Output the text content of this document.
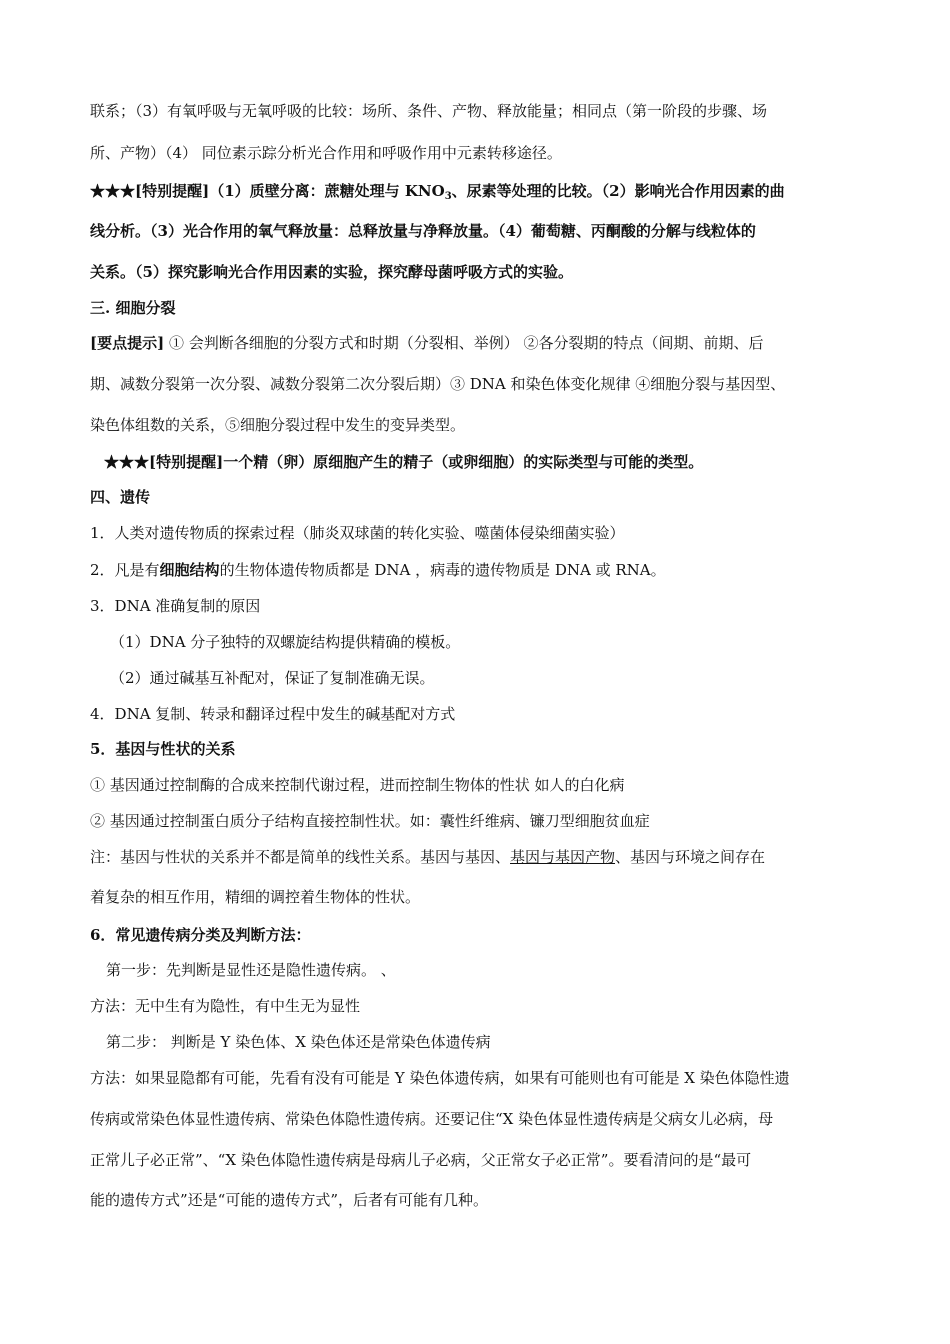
联系；（3）有氧呼吸与无氧呼吸的比较：场所、条件、产物、释放能量；相同点（第一阶段的步骤、场
所、产物）（4） 同位素示踪分析光合作用和呼吸作用中元素转移途径。
★★★[特别提醒]（1）质壁分离：蔗糖处理与 $KNO_3$、尿素等处理的比较。（2）影响光合作用因素的曲
线分析。（3）光合作用的氧气释放量：总释放量与净释放量。（4）葡萄糖、丙酮酸的分解与线粒体的
关系。（5）探究影响光合作用因素的实验，探究酵母菌呼吸方式的实验。
三. 细胞分裂
[要点提示] ① 会判断各细胞的分裂方式和时期（分裂相、举例） ②各分裂期的特点（间期、前期、后
期、减数分裂第一次分裂、减数分裂第二次分裂后期）③ DNA 和染色体变化规律 ④细胞分裂与基因型、
染色体组数的关系，⑤细胞分裂过程中发生的变异类型。
★★★[特别提醒]一个精（卵）原细胞产生的精子（或卵细胞）的实际类型与可能的类型。
四、遗传
1．人类对遗传物质的探索过程（肺炎双球菌的转化实验、噬菌体侵染细菌实验）
2．凡是有细胞结构的生物体遗传物质都是 DNA ，病毒的遗传物质是 DNA 或 RNA。
3．DNA 准确复制的原因
（1）DNA 分子独特的双螺旋结构提供精确的模板。
（2）通过碱基互补配对，保证了复制准确无误。
4．DNA 复制、转录和翻译过程中发生的碱基配对方式
5．基因与性状的关系
① 基因通过控制酶的合成来控制代谢过程，进而控制生物体的性状 如人的白化病
② 基因通过控制蛋白质分子结构直接控制性状。如：囊性纤维病、镰刀型细胞贫血症
注：基因与性状的关系并不都是简单的线性关系。基因与基因、基因与基因产物、基因与环境之间存在
着复杂的相互作用，精细的调控着生物体的性状。
6．常见遗传病分类及判断方法：
第一步：先判断是显性还是隐性遗传病。 、
方法：无中生有为隐性，有中生无为显性
第二步： 判断是 Y 染色体、X 染色体还是常染色体遗传病
方法：如果显隐都有可能，先看有没有可能是 Y 染色体遗传病，如果有可能则也有可能是 X 染色体隐性遗
传病或常染色体显性遗传病、常染色体隐性遗传病。还要记住“X 染色体显性遗传病是父病女儿必病，母
正常儿子必正常”、“X 染色体隐性遗传病是母病儿子必病，父正常女子必正常”。要看清问的是“最可
能的遗传方式”还是“可能的遗传方式”，后者有可能有几种。
